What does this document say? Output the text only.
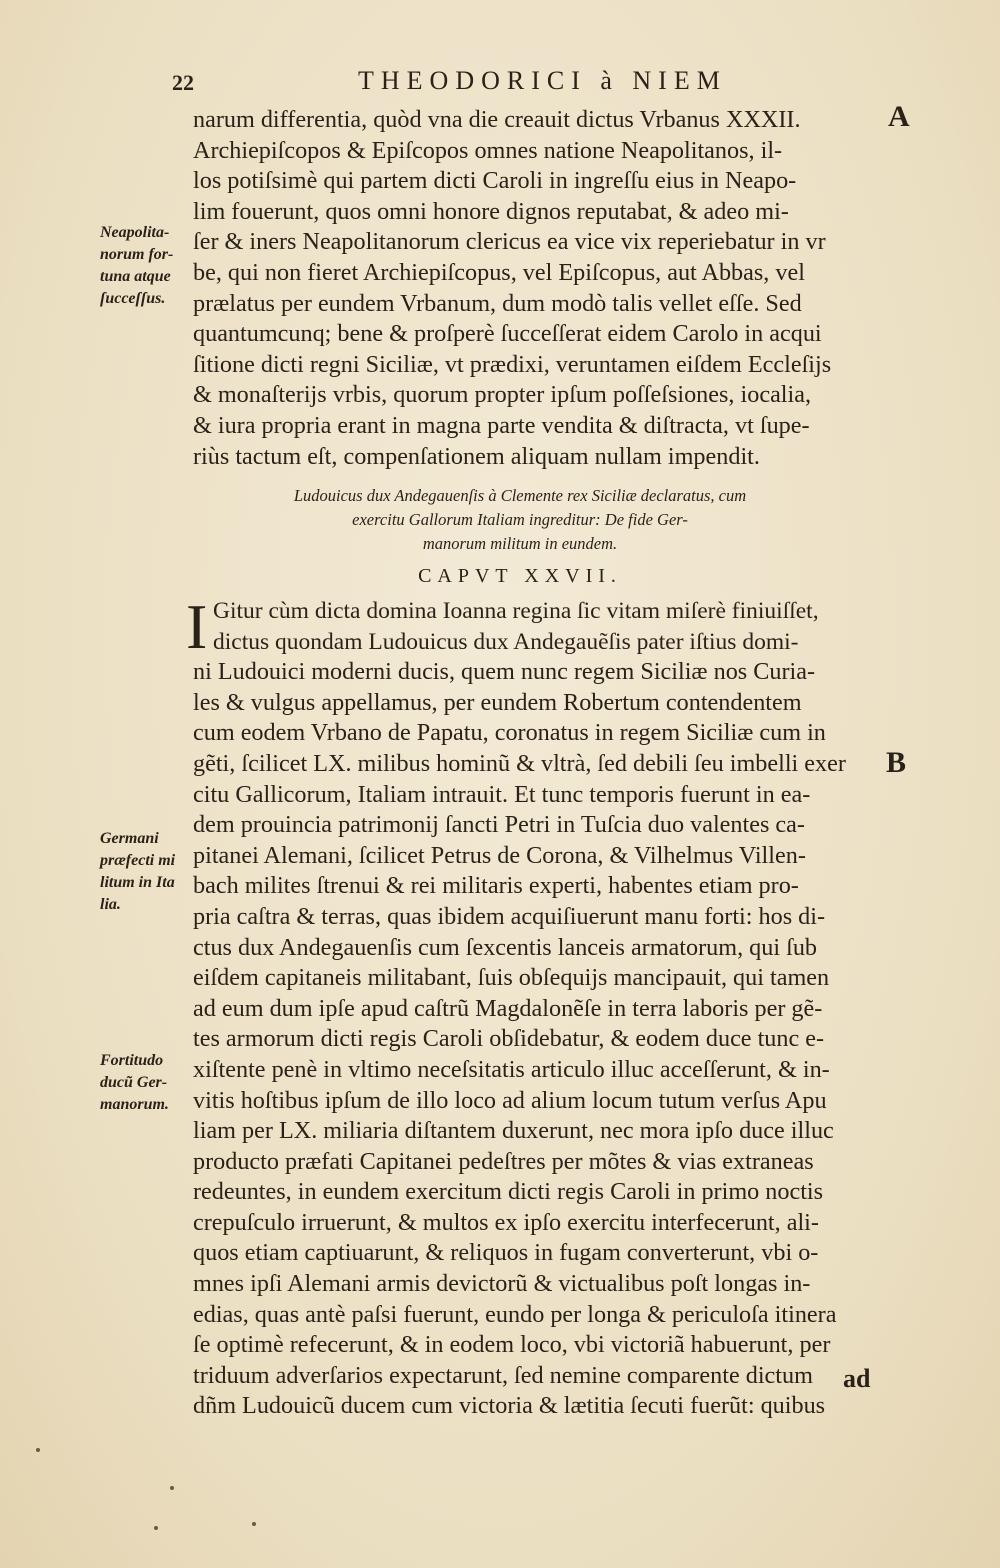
22	THEODORICI à NIEM
A
B
narum differentia, quòd vna die creauit dictus Vrbanus XXXII.
Archiepiſcopos & Epiſcopos omnes natione Neapolitanos, il-
los potiſsimè qui partem dicti Caroli in ingreſſu eius in Neapo-
lim fouerunt, quos omni honore dignos reputabat, & adeo mi-
ſer & iners Neapolitanorum clericus ea vice vix reperiebatur in vr
be, qui non fieret Archiepiſcopus, vel Epiſcopus, aut Abbas, vel
prælatus per eundem Vrbanum, dum modò talis vellet eſſe. Sed
quantumcunq; bene & proſperè ſucceſſerat eidem Carolo in acqui
ſitione dicti regni Siciliæ, vt prædixi, veruntamen eiſdem Eccleſijs
& monaſterijs vrbis, quorum propter ipſum poſſeſsiones, iocalia,
& iura propria erant in magna parte vendita & diſtracta, vt ſupe-
riùs tactum eſt, compenſationem aliquam nullam impendit.
Ludouicus dux Andegauenſis à Clemente rex Siciliæ declaratus, cum
exercitu Gallorum Italiam ingreditur: De fide Ger-
manorum militum in eundem.
CAPVT XXVII.
I Gitur cùm dicta domina Ioanna regina ſic vitam miſerè finiuiſſet,
dictus quondam Ludouicus dux Andegauẽſis pater iſtius domi-
ni Ludouici moderni ducis, quem nunc regem Siciliæ nos Curia-
les & vulgus appellamus, per eundem Robertum contendentem
cum eodem Vrbano de Papatu, coronatus in regem Siciliæ cum in
gẽti, ſcilicet LX. milibus hominũ & vltrà, ſed debili ſeu imbelli exer
citu Gallicorum, Italiam intrauit. Et tunc temporis fuerunt in ea-
dem prouincia patrimonij ſancti Petri in Tuſcia duo valentes ca-
pitanei Alemani, ſcilicet Petrus de Corona, & Vilhelmus Villen-
bach milites ſtrenui & rei militaris experti, habentes etiam pro-
pria caſtra & terras, quas ibidem acquiſiuerunt manu forti: hos di-
ctus dux Andegauenſis cum ſexcentis lanceis armatorum, qui ſub
eiſdem capitaneis militabant, ſuis obſequijs mancipauit, qui tamen
ad eum dum ipſe apud caſtrũ Magdalonẽſe in terra laboris per gẽ-
tes armorum dicti regis Caroli obſidebatur, & eodem duce tunc e-
xiſtente penè in vltimo neceſsitatis articulo illuc acceſſerunt, & in-
vitis hoſtibus ipſum de illo loco ad alium locum tutum verſus Apu
liam per LX. miliaria diſtantem duxerunt, nec mora ipſo duce illuc
producto præfati Capitanei pedeſtres per mõtes & vias extraneas
redeuntes, in eundem exercitum dicti regis Caroli in primo noctis
crepuſculo irruerunt, & multos ex ipſo exercitu interfecerunt, ali-
quos etiam captiuarunt, & reliquos in fugam converterunt, vbi o-
mnes ipſi Alemani armis devictorũ & victualibus poſt longas in-
edias, quas antè paſsi fuerunt, eundo per longa & periculoſa itinera
ſe optimè refecerunt, & in eodem loco, vbi victoriã habuerunt, per
triduum adverſarios expectarunt, ſed nemine comparente dictum
dñm Ludouicũ ducem cum victoria & lætitia ſecuti fuerũt: quibus
ad
Neapolita-
norum for-
tuna atque
ſucceſſus.
Germani
præfecti mi
litum in Ita
lia.
Fortitudo
ducũ Ger-
manorum.
